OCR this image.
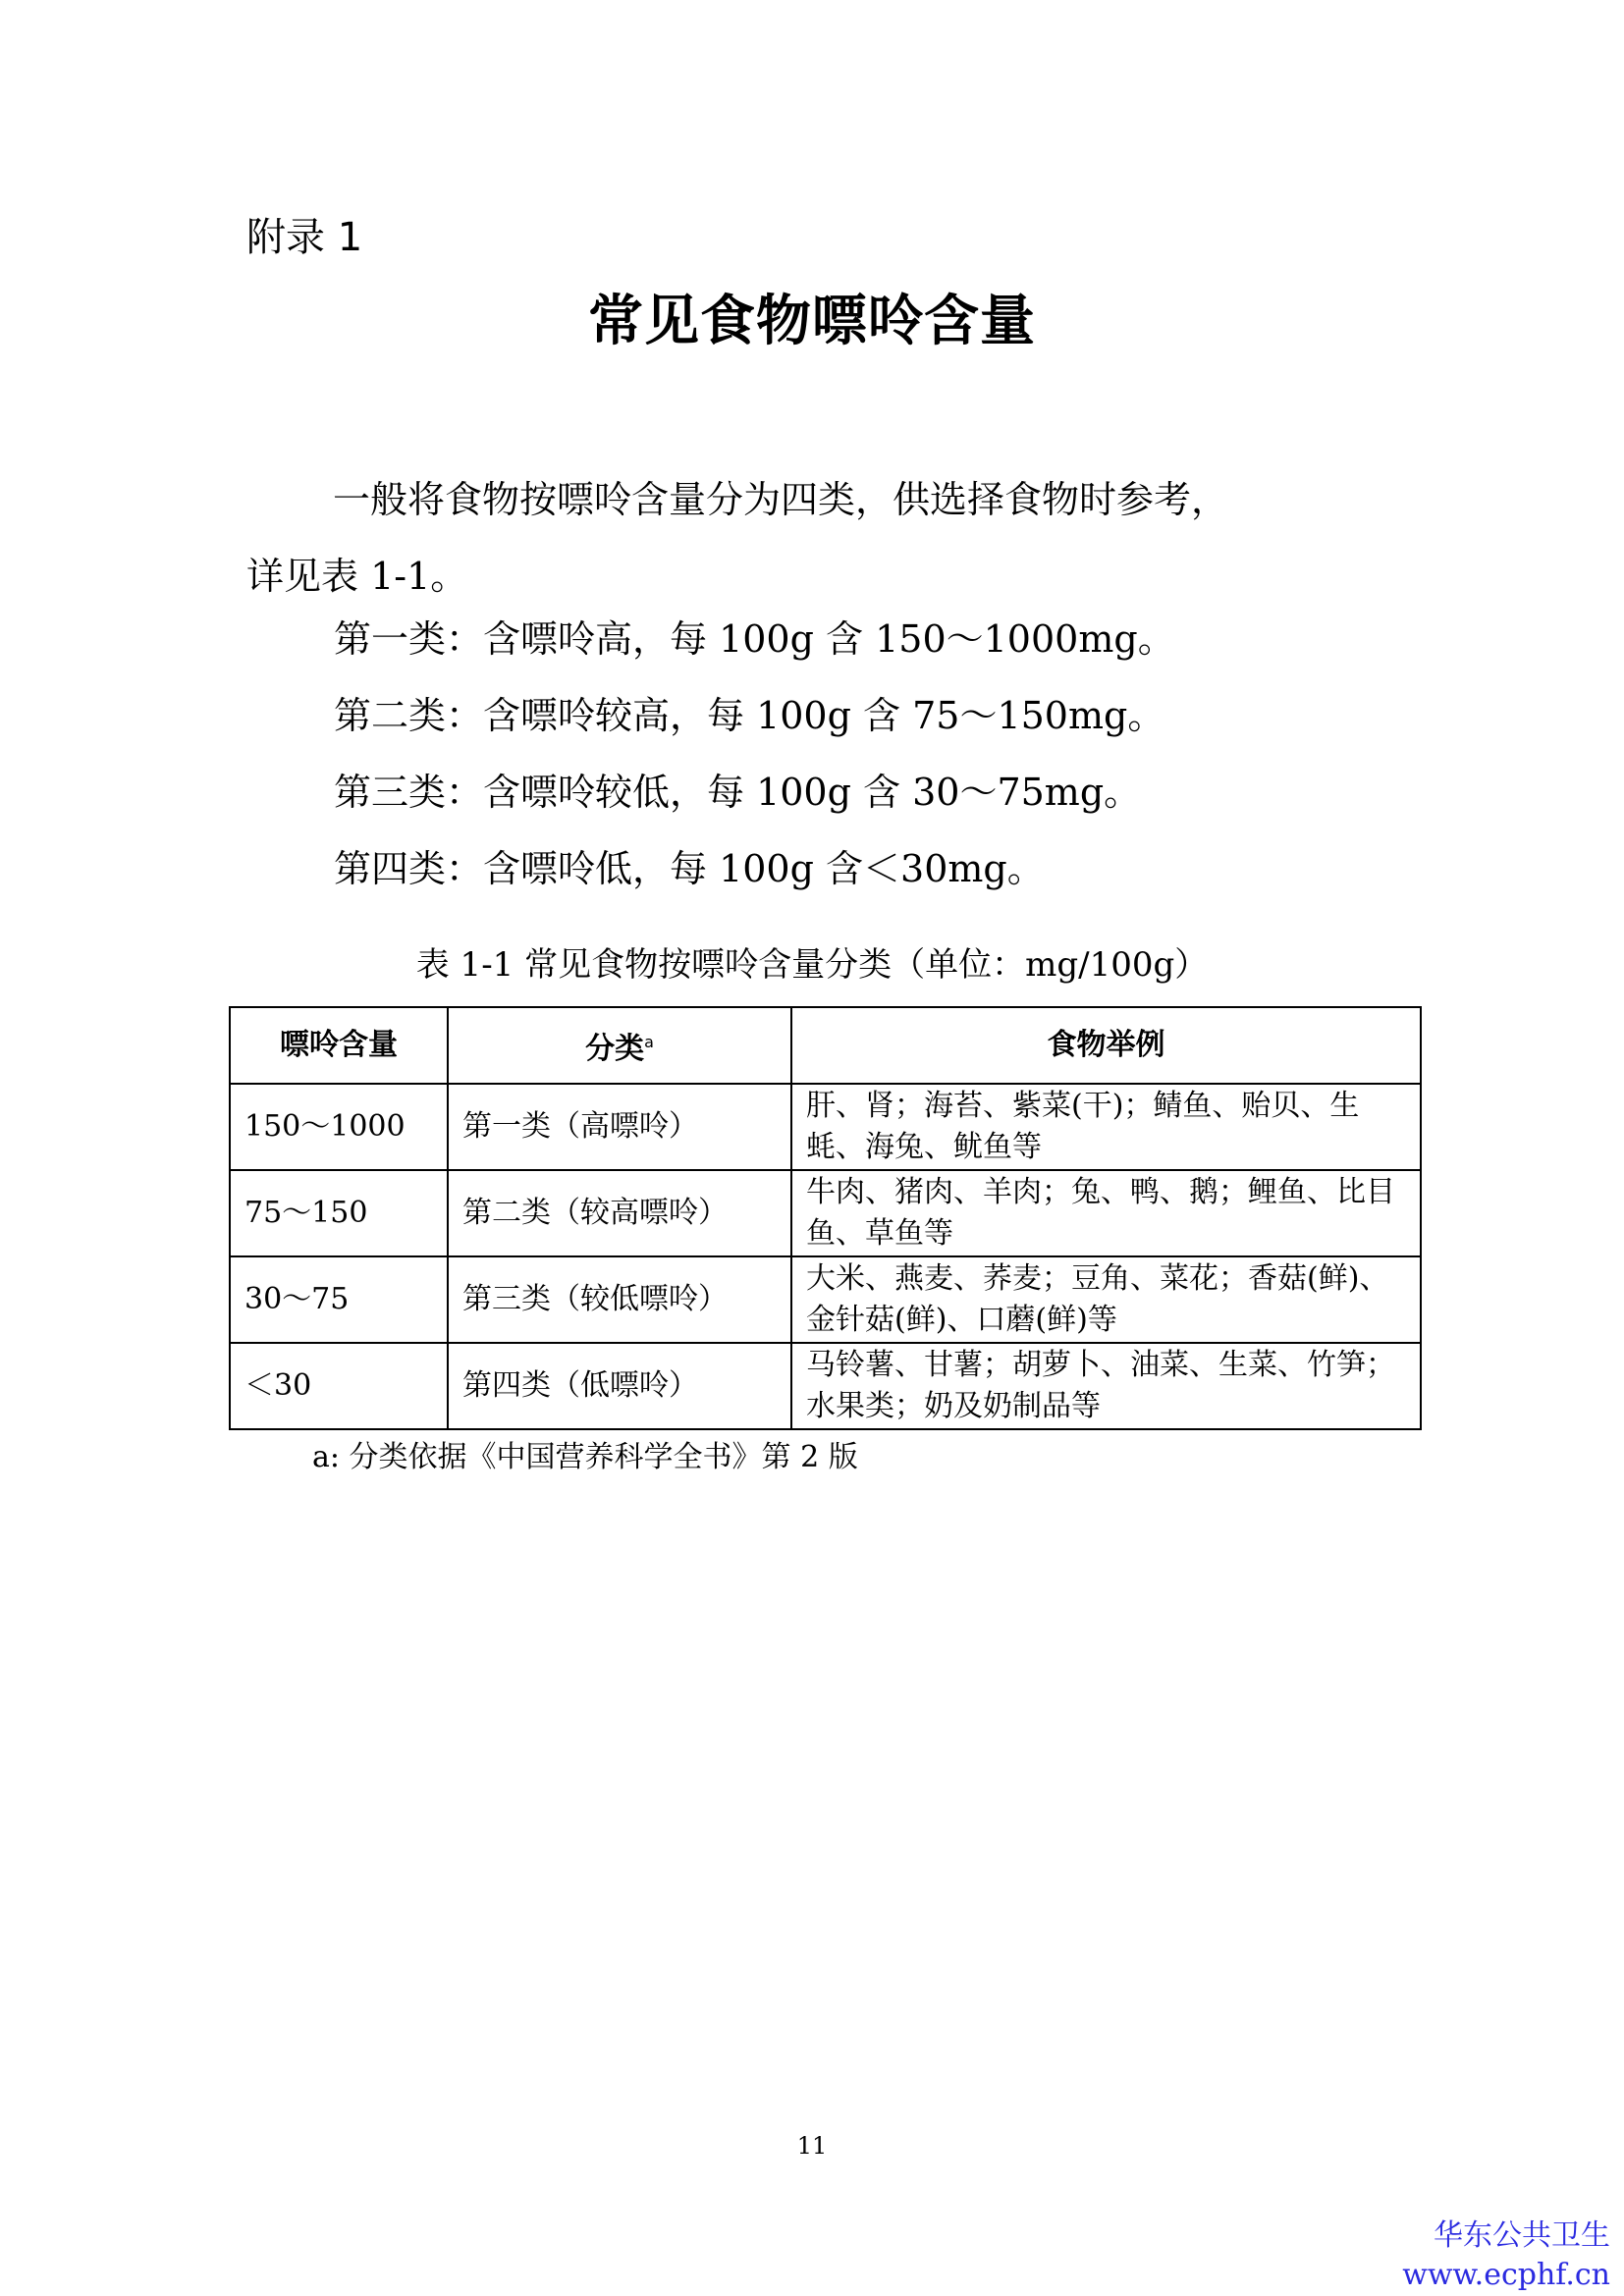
附录 1
常见食物嘌呤含量
一般将食物按嘌呤含量分为四类，供选择食物时参考，
详见表 1-1。
第一类：含嘌呤高，每 100g 含 150～1000mg。
第二类：含嘌呤较高，每 100g 含 75～150mg。
第三类：含嘌呤较低，每 100g 含 30～75mg。
第四类：含嘌呤低，每 100g 含＜30mg。
表 1-1 常见食物按嘌呤含量分类（单位：mg/100g）
嘌呤含量	分类$^a$	食物举例
150～1000	第一类（高嘌呤）	肝、肾；海苔、紫菜(干)；鲭鱼、贻贝、生蚝、海兔、鱿鱼等
75～150	第二类（较高嘌呤）	牛肉、猪肉、羊肉；兔、鸭、鹅；鲤鱼、比目鱼、草鱼等
30～75	第三类（较低嘌呤）	大米、燕麦、荞麦；豆角、菜花；香菇(鲜)、金针菇(鲜)、口蘑(鲜)等
＜30	第四类（低嘌呤）	马铃薯、甘薯；胡萝卜、油菜、生菜、竹笋；水果类；奶及奶制品等
a: 分类依据《中国营养科学全书》第 2 版
11
华东公共卫生
www.ecphf.cn
